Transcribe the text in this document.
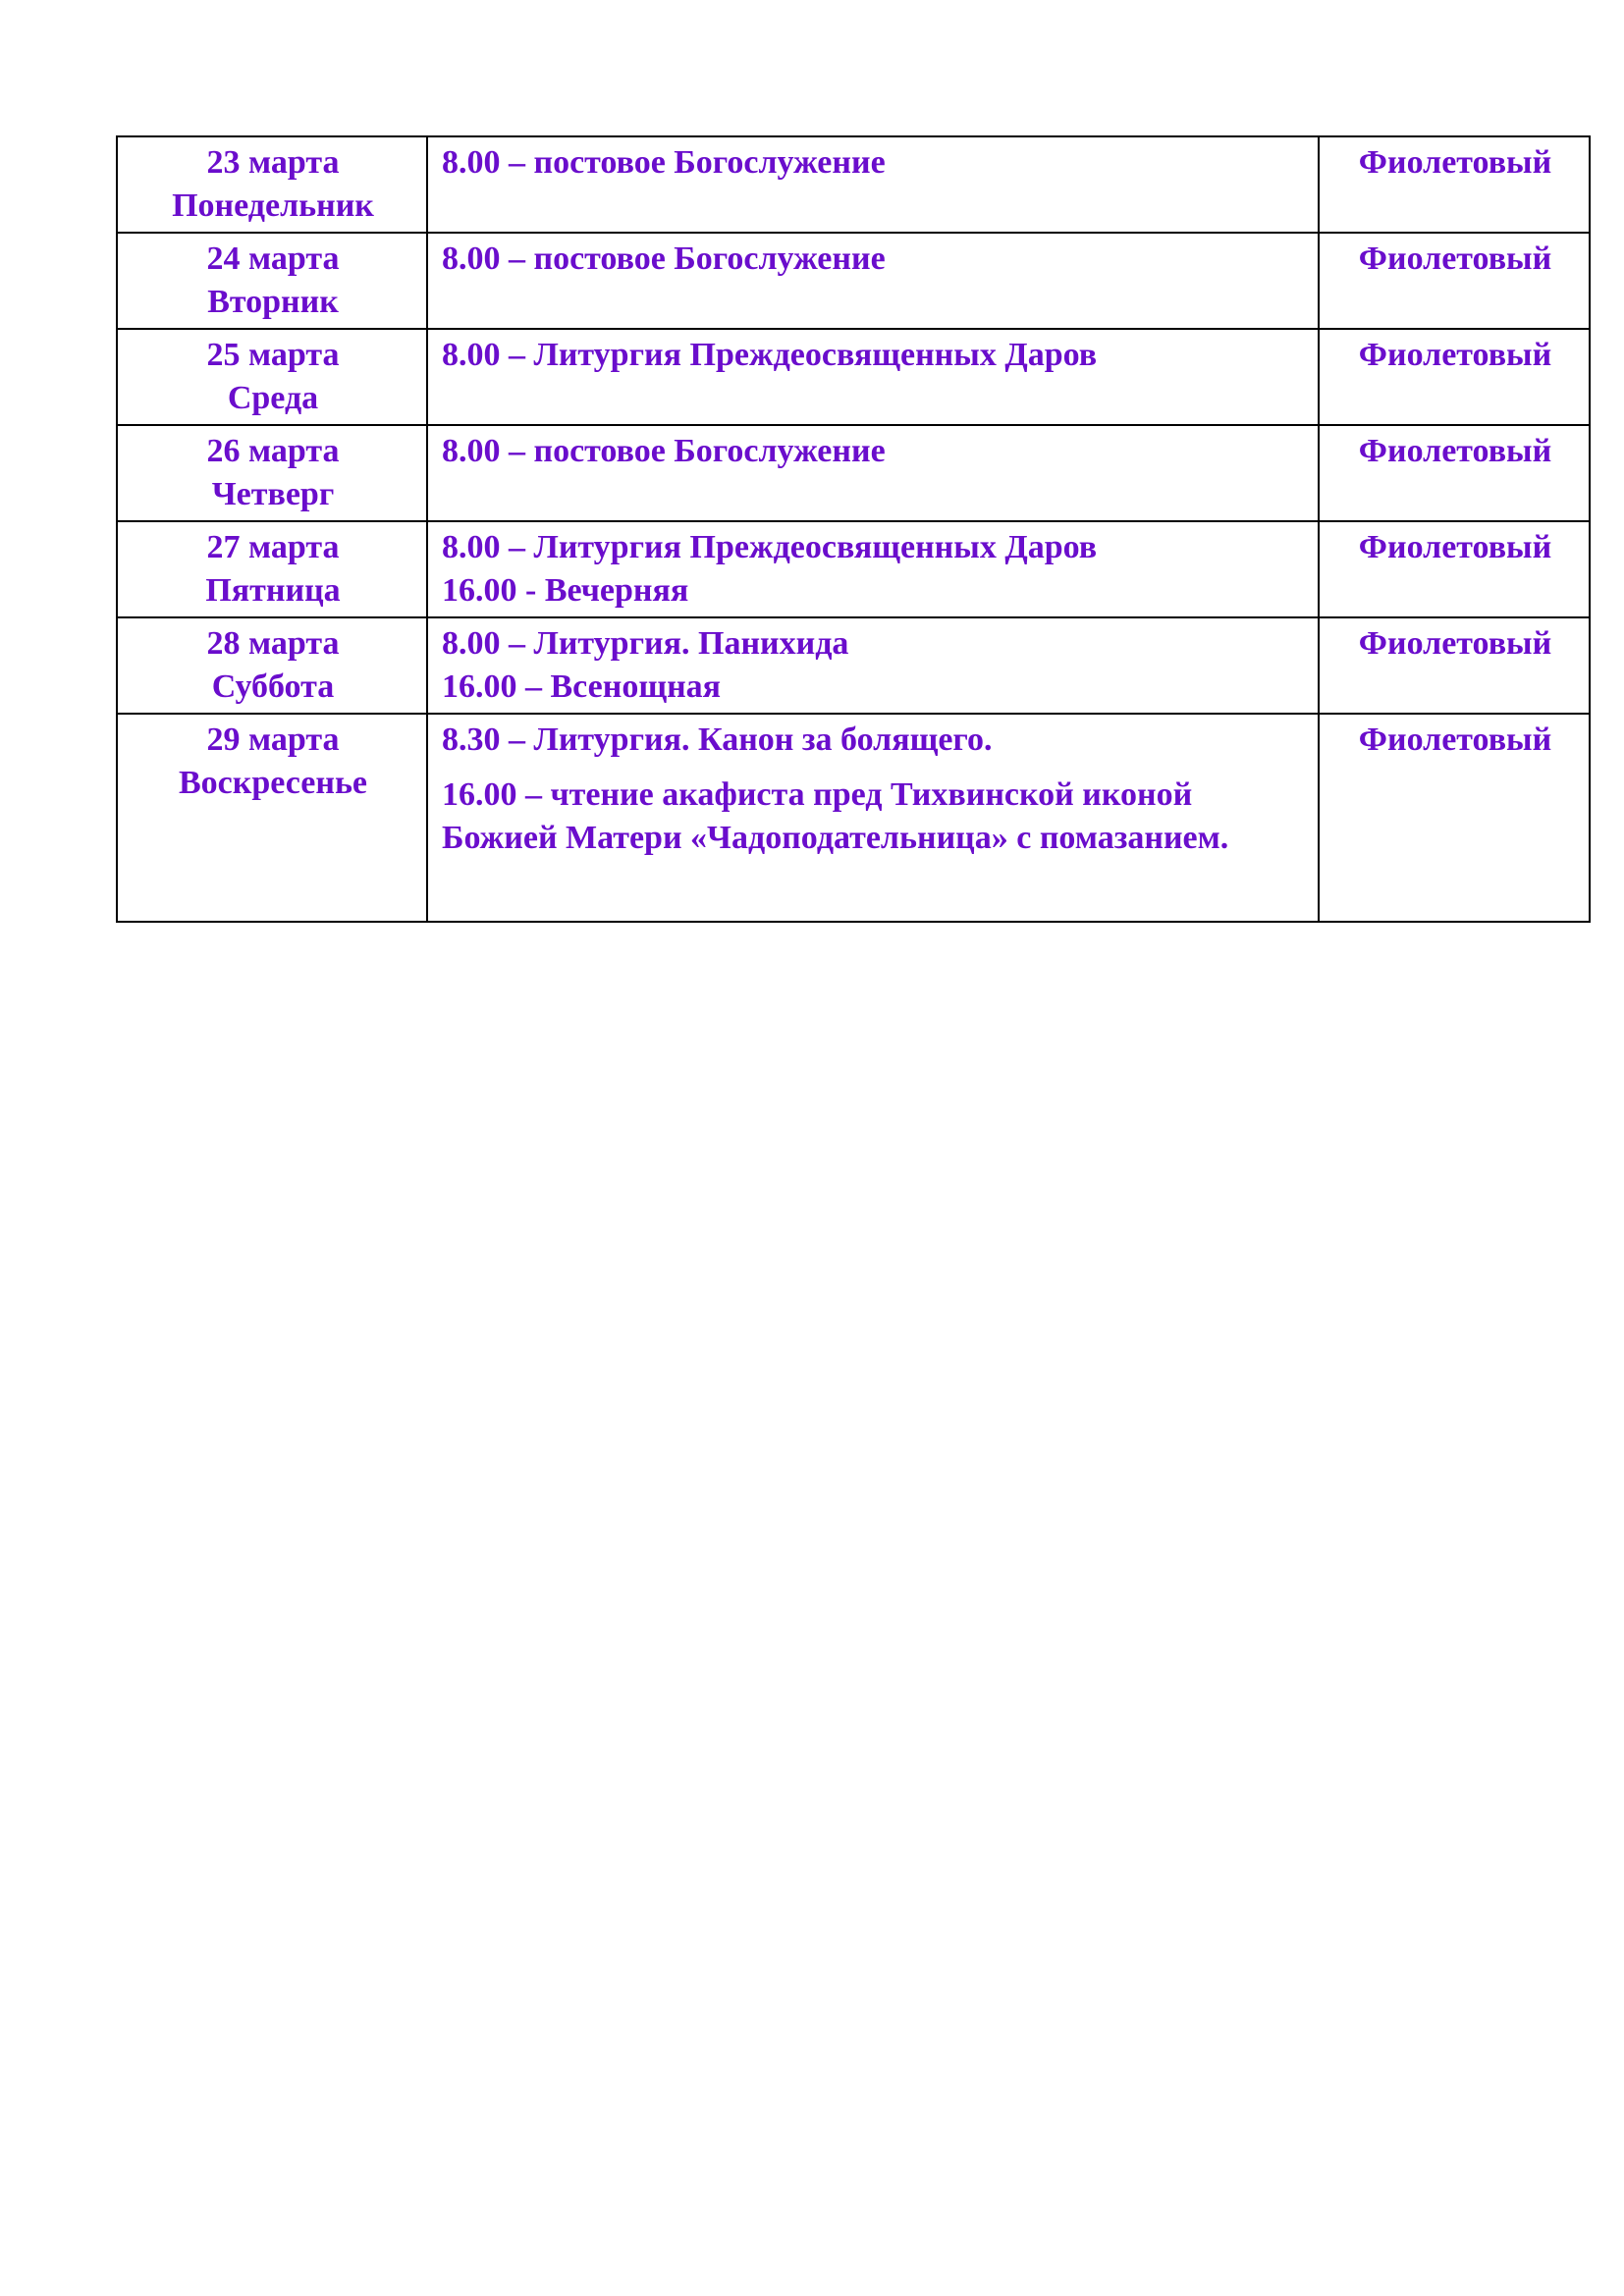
23 марта
Понедельник	8.00 – постовое Богослужение	Фиолетовый

24 марта
Вторник	8.00 – постовое Богослужение	Фиолетовый

25 марта
Среда	8.00 – Литургия Преждеосвященных Даров	Фиолетовый

26 марта
Четверг	8.00 – постовое Богослужение	Фиолетовый

27 марта
Пятница	8.00 – Литургия Преждеосвященных Даров
16.00 - Вечерняя	Фиолетовый

28 марта
Суббота	8.00 – Литургия. Панихида
16.00 – Всенощная	Фиолетовый

29 марта
Воскресенье	8.30 – Литургия. Канон за болящего.
16.00 – чтение акафиста пред Тихвинской иконой Божией Матери «Чадоподательница» с помазанием.	Фиолетовый
